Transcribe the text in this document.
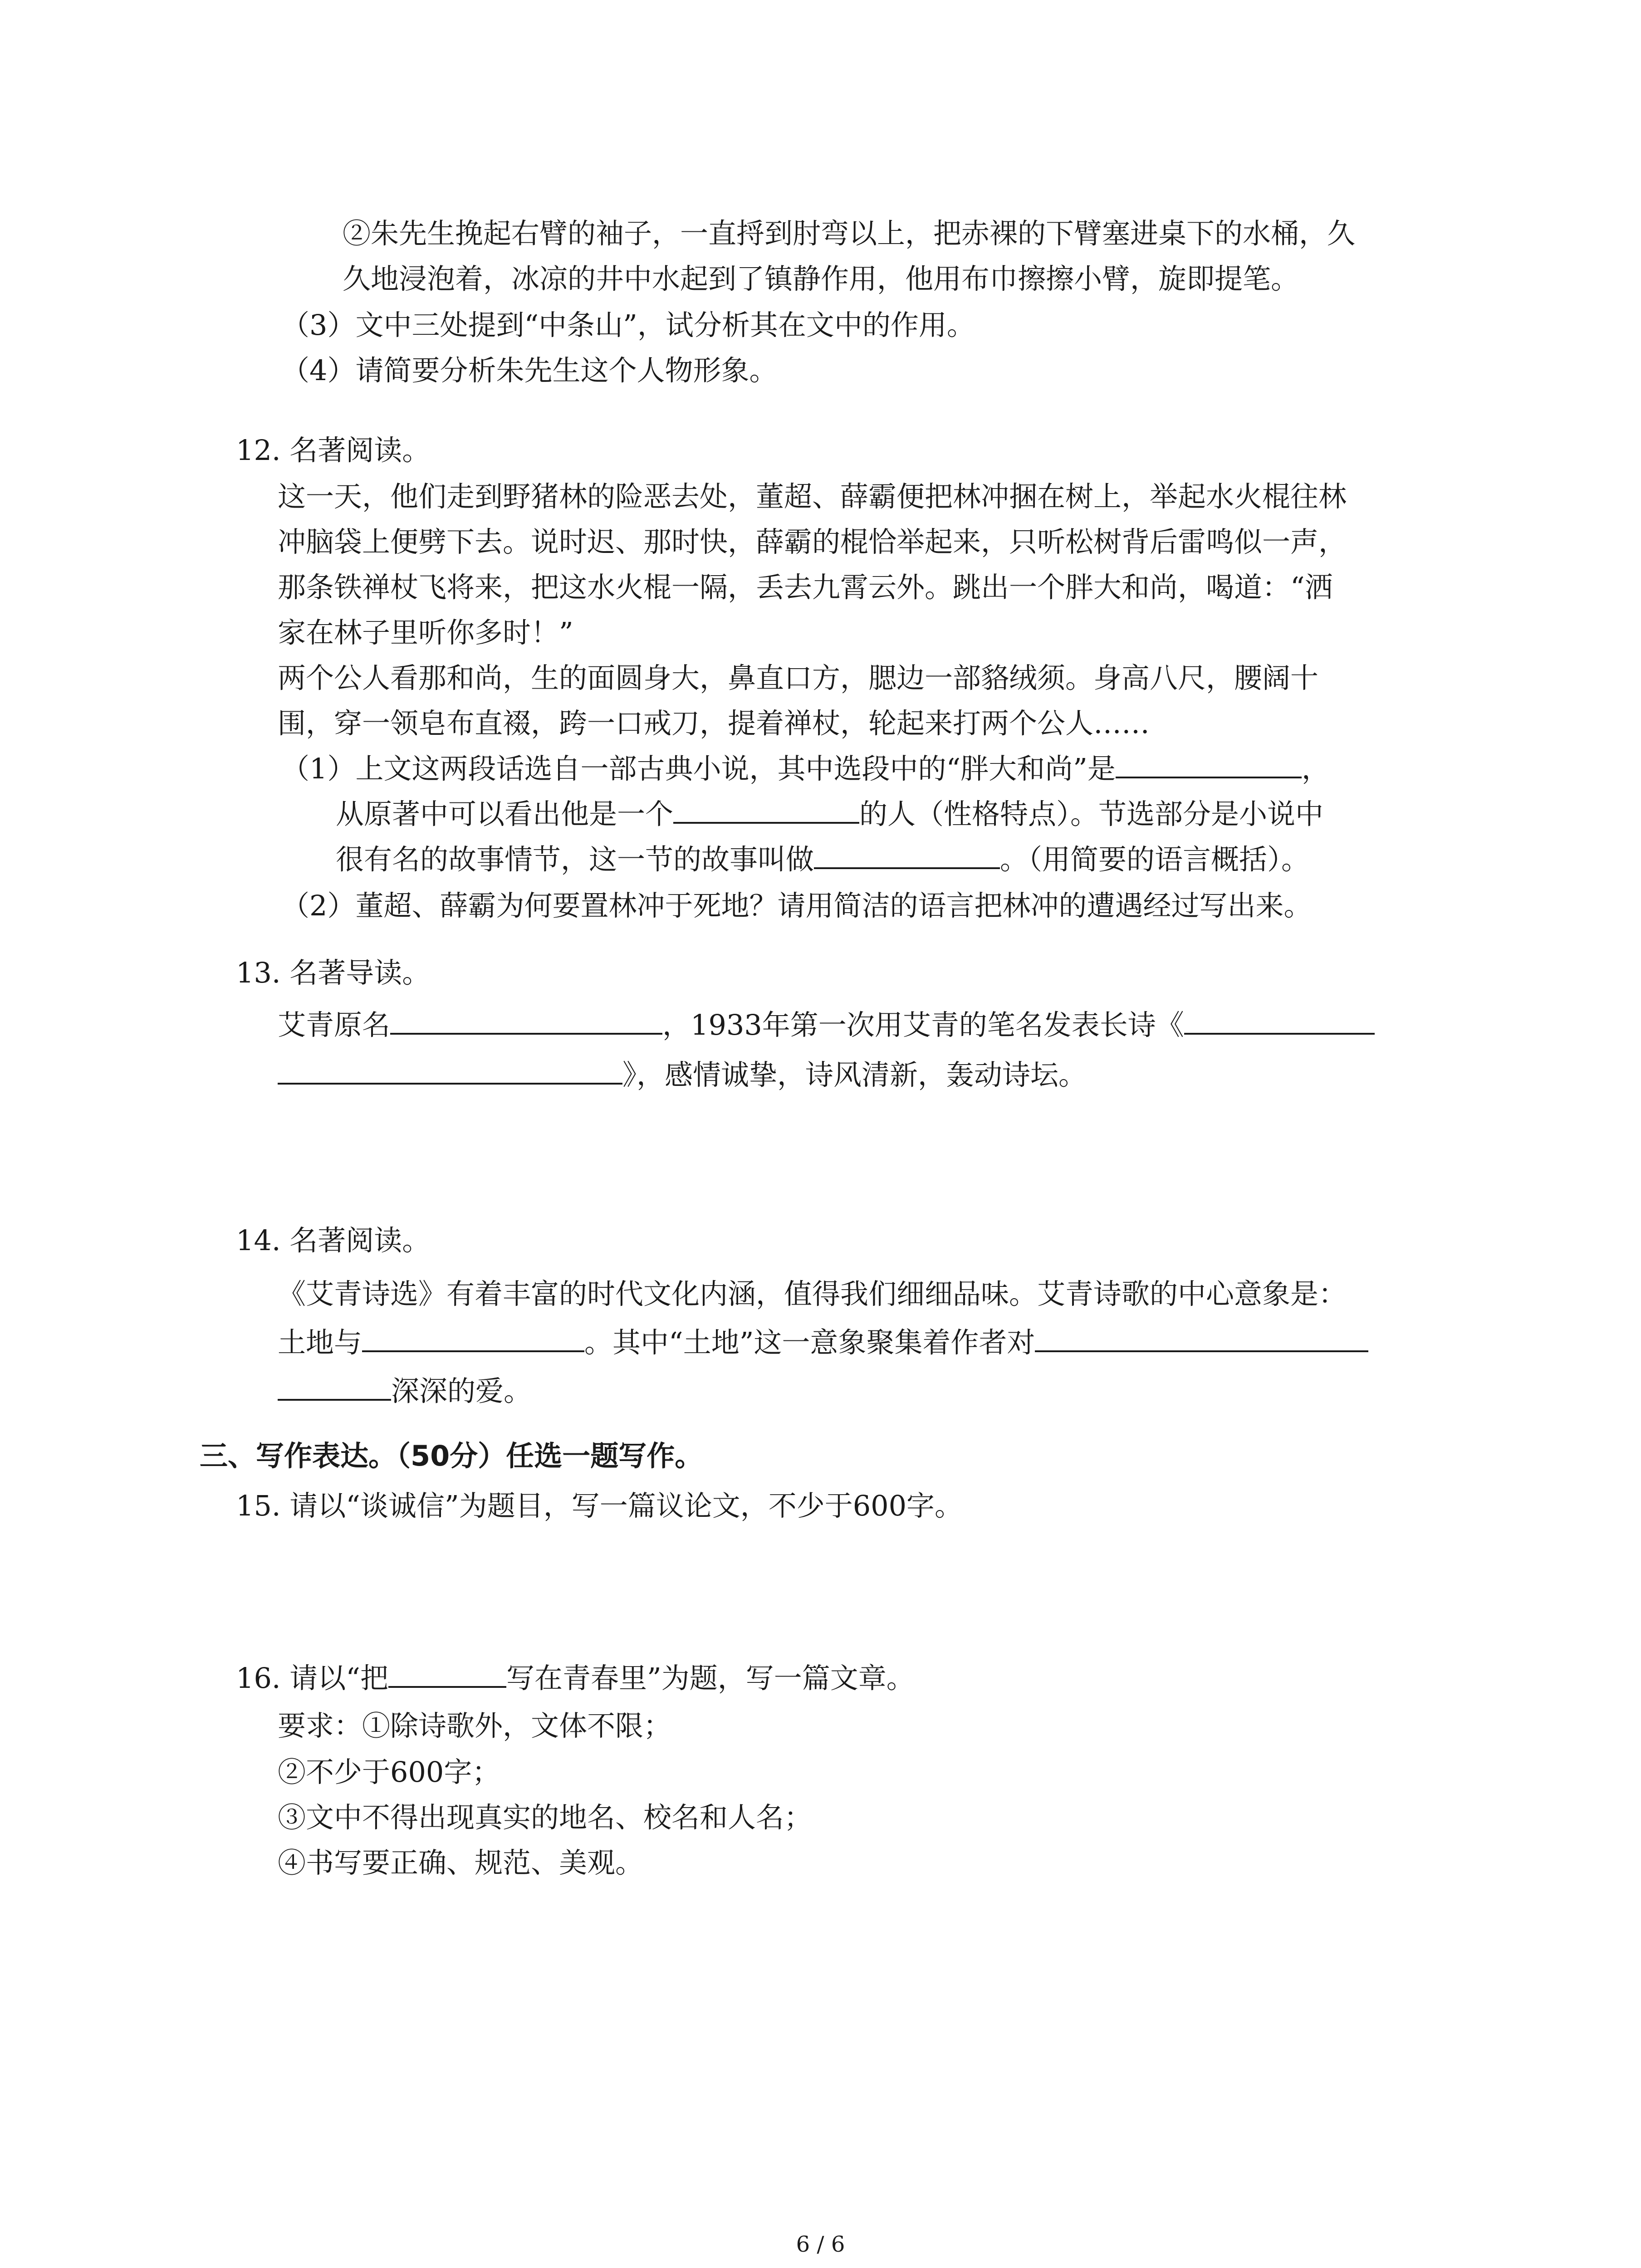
②朱先生挽起右臂的袖子，一直捋到肘弯以上，把赤裸的下臂塞进桌下的水桶，久
久地浸泡着，冰凉的井中水起到了镇静作用，他用布巾擦擦小臂，旋即提笔。
（3）文中三处提到“中条山”，试分析其在文中的作用。
（4）请简要分析朱先生这个人物形象。
12. 名著阅读。
这一天，他们走到野猪林的险恶去处，董超、薛霸便把林冲捆在树上，举起水火棍往林
冲脑袋上便劈下去。说时迟、那时快，薛霸的棍恰举起来，只听松树背后雷鸣似一声，
那条铁禅杖飞将来，把这水火棍一隔，丢去九霄云外。跳出一个胖大和尚，喝道：“洒
家在林子里听你多时！”
两个公人看那和尚，生的面圆身大，鼻直口方，腮边一部貉绒须。身高八尺，腰阔十
围，穿一领皂布直裰，跨一口戒刀，提着禅杖，轮起来打两个公人……
（1）上文这两段话选自一部古典小说，其中选段中的“胖大和尚”是	，
从原著中可以看出他是一个	的人（性格特点）。节选部分是小说中
很有名的故事情节，这一节的故事叫做	。（用简要的语言概括）。
（2）董超、薛霸为何要置林冲于死地？请用简洁的语言把林冲的遭遇经过写出来。
13. 名著导读。
艾青原名	，1933年第一次用艾青的笔名发表长诗《
》，感情诚挚，诗风清新，轰动诗坛。
14. 名著阅读。
《艾青诗选》有着丰富的时代文化内涵，值得我们细细品味。艾青诗歌的中心意象是：
土地与	。其中“土地”这一意象聚集着作者对
深深的爱。
三、写作表达。（50分）任选一题写作。
15. 请以“谈诚信”为题目，写一篇议论文，不少于600字。
16. 请以“把	写在青春里”为题，写一篇文章。
要求：①除诗歌外，文体不限；
②不少于600字；
③文中不得出现真实的地名、校名和人名；
④书写要正确、规范、美观。
6 / 6
